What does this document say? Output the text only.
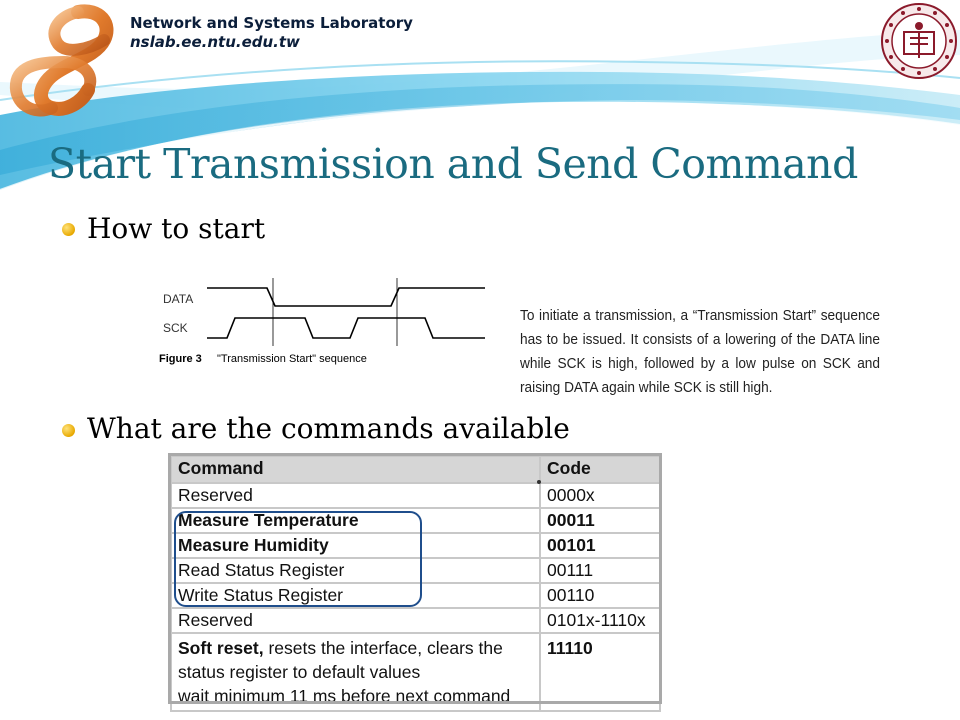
Network and Systems Laboratory
nslab.ee.ntu.edu.tw
Start Transmission and Send Command
How to start
DATA
SCK
Figure 3 "Transmission Start" sequence
To initiate a transmission, a “Transmission Start” sequence has to be issued. It consists of a lowering of the DATA line while SCK is high, followed by a low pulse on SCK and raising DATA again while SCK is still high.
What are the commands available
Command	Code
Reserved	0000x
Measure Temperature	00011
Measure Humidity	00101
Read Status Register	00111
Write Status Register	00110
Reserved	0101x-1110x

Soft reset, resets the interface, clears the
status register to default values
wait minimum 11 ms before next command	11110
